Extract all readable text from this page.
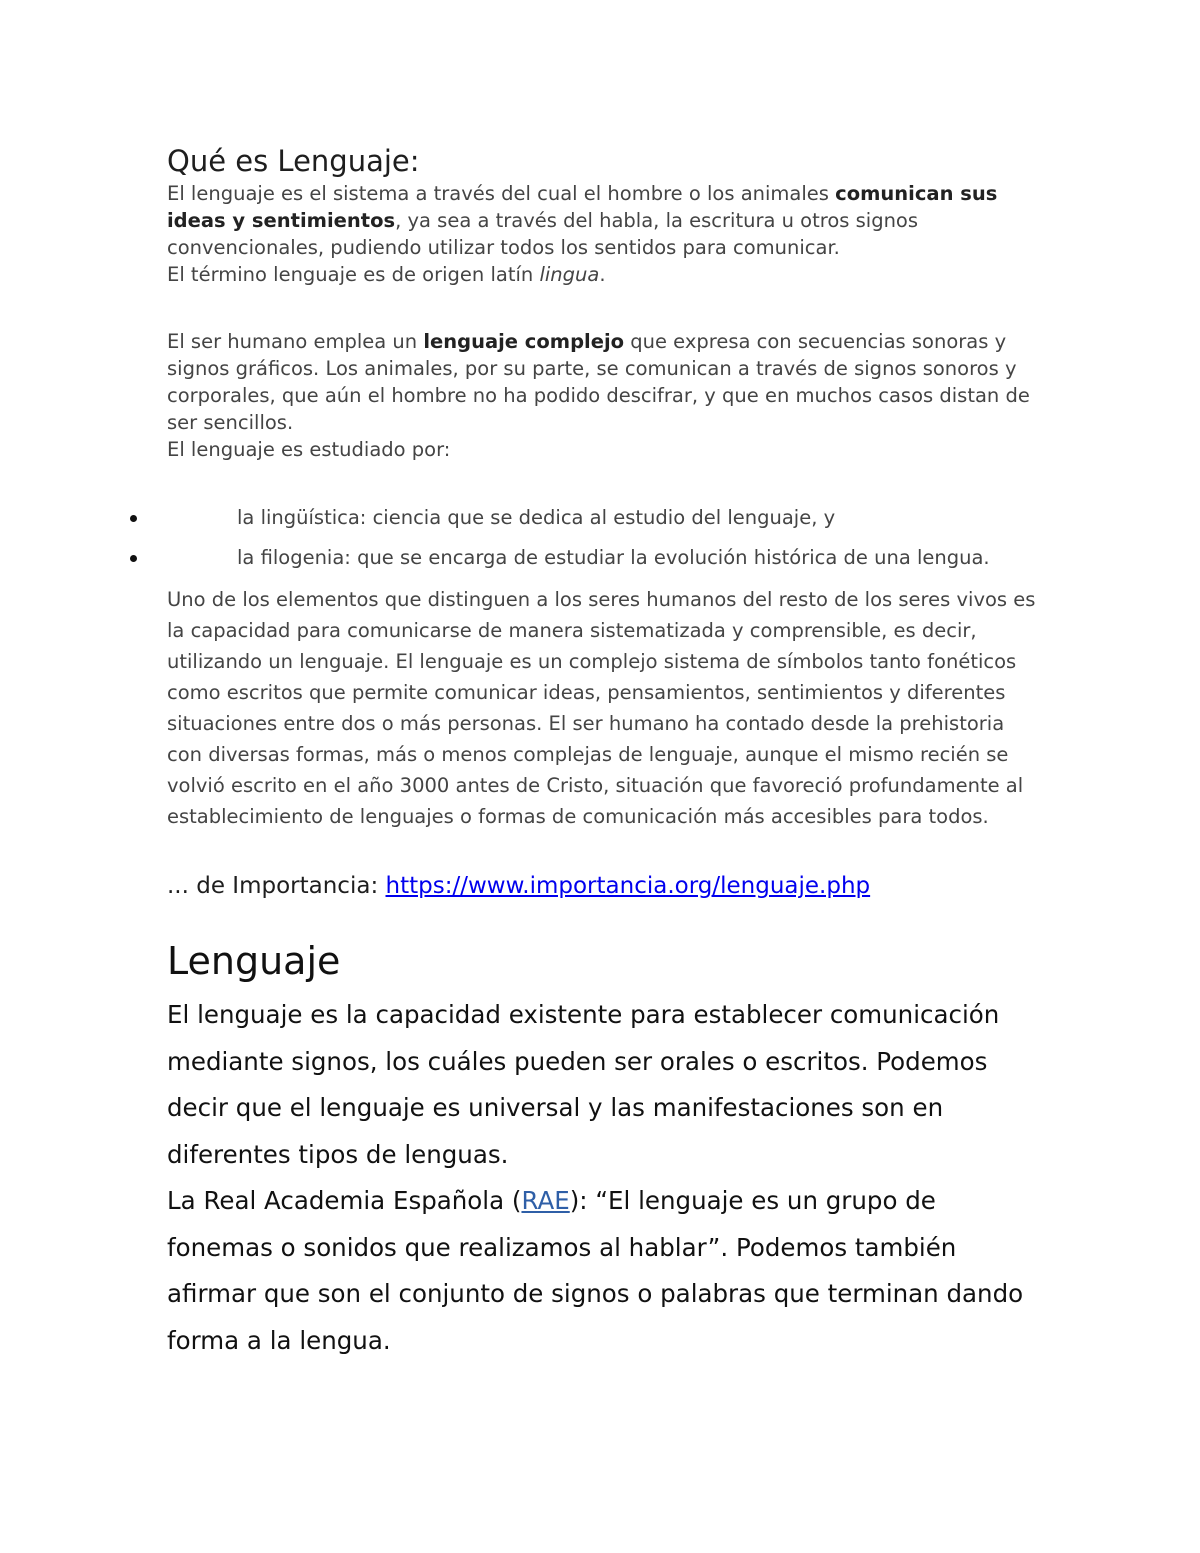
Qué es Lenguaje:

El lenguaje es el sistema a través del cual el hombre o los animales comunican sus ideas y sentimientos, ya sea a través del habla, la escritura u otros signos convencionales, pudiendo utilizar todos los sentidos para comunicar.

El término lenguaje es de origen latín lingua.

El ser humano emplea un lenguaje complejo que expresa con secuencias sonoras y signos gráficos. Los animales, por su parte, se comunican a través de signos sonoros y corporales, que aún el hombre no ha podido descifrar, y que en muchos casos distan de ser sencillos.

El lenguaje es estudiado por:

la lingüística: ciencia que se dedica al estudio del lenguaje, y
la filogenia: que se encarga de estudiar la evolución histórica de una lengua.

Uno de los elementos que distinguen a los seres humanos del resto de los seres vivos es la capacidad para comunicarse de manera sistematizada y comprensible, es decir, utilizando un lenguaje. El lenguaje es un complejo sistema de símbolos tanto fonéticos como escritos que permite comunicar ideas, pensamientos, sentimientos y diferentes situaciones entre dos o más personas. El ser humano ha contado desde la prehistoria con diversas formas, más o menos complejas de lenguaje, aunque el mismo recién se volvió escrito en el año 3000 antes de Cristo, situación que favoreció profundamente al establecimiento de lenguajes o formas de comunicación más accesibles para todos.

... de Importancia: https://www.importancia.org/lenguaje.php

Lenguaje

El lenguaje es la capacidad existente para establecer comunicación mediante signos, los cuáles pueden ser orales o escritos. Podemos decir que el lenguaje es universal y las manifestaciones son en diferentes tipos de lenguas.

La Real Academia Española (RAE): “El lenguaje es un grupo de fonemas o sonidos que realizamos al hablar”. Podemos también afirmar que son el conjunto de signos o palabras que terminan dando forma a la lengua.
